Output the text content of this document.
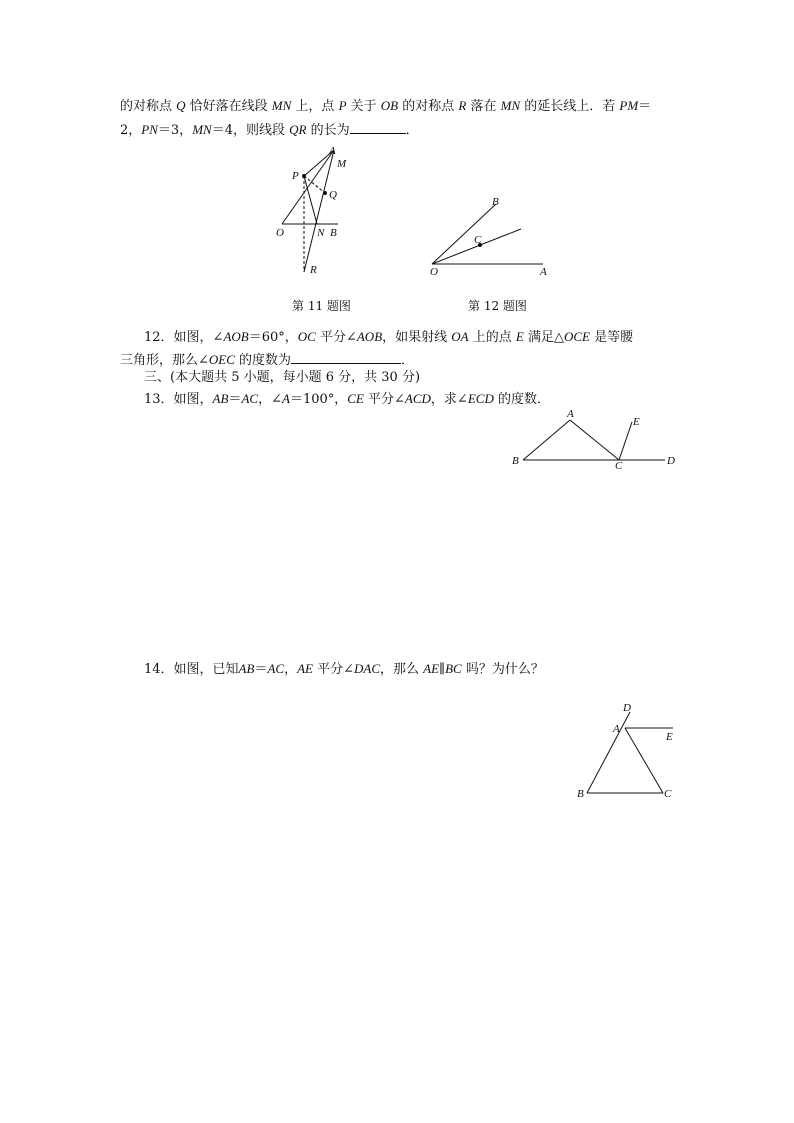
的对称点 Q 恰好落在线段 MN 上，点 P 关于 OB 的对称点 R 落在 MN 的延长线上．若 PM＝
2，PN＝3，MN＝4，则线段 QR 的长为	．
A
M
P
Q
O	N B
R
B
C
O	A
第 11 题图	第 12 题图
12．如图，∠AOB＝60°，OC 平分∠AOB，如果射线 OA 上的点 E 满足△OCE 是等腰
三角形，那么∠OEC 的度数为	．
三、(本大题共 5 小题，每小题 6 分，共 30 分)
13．如图，AB＝AC，∠A＝100°，CE 平分∠ACD，求∠ECD 的度数．
A
E
B	C	D
14．如图，已知AB＝AC，AE 平分∠DAC，那么 AE∥BC 吗？为什么？
D
A
E
B	C
